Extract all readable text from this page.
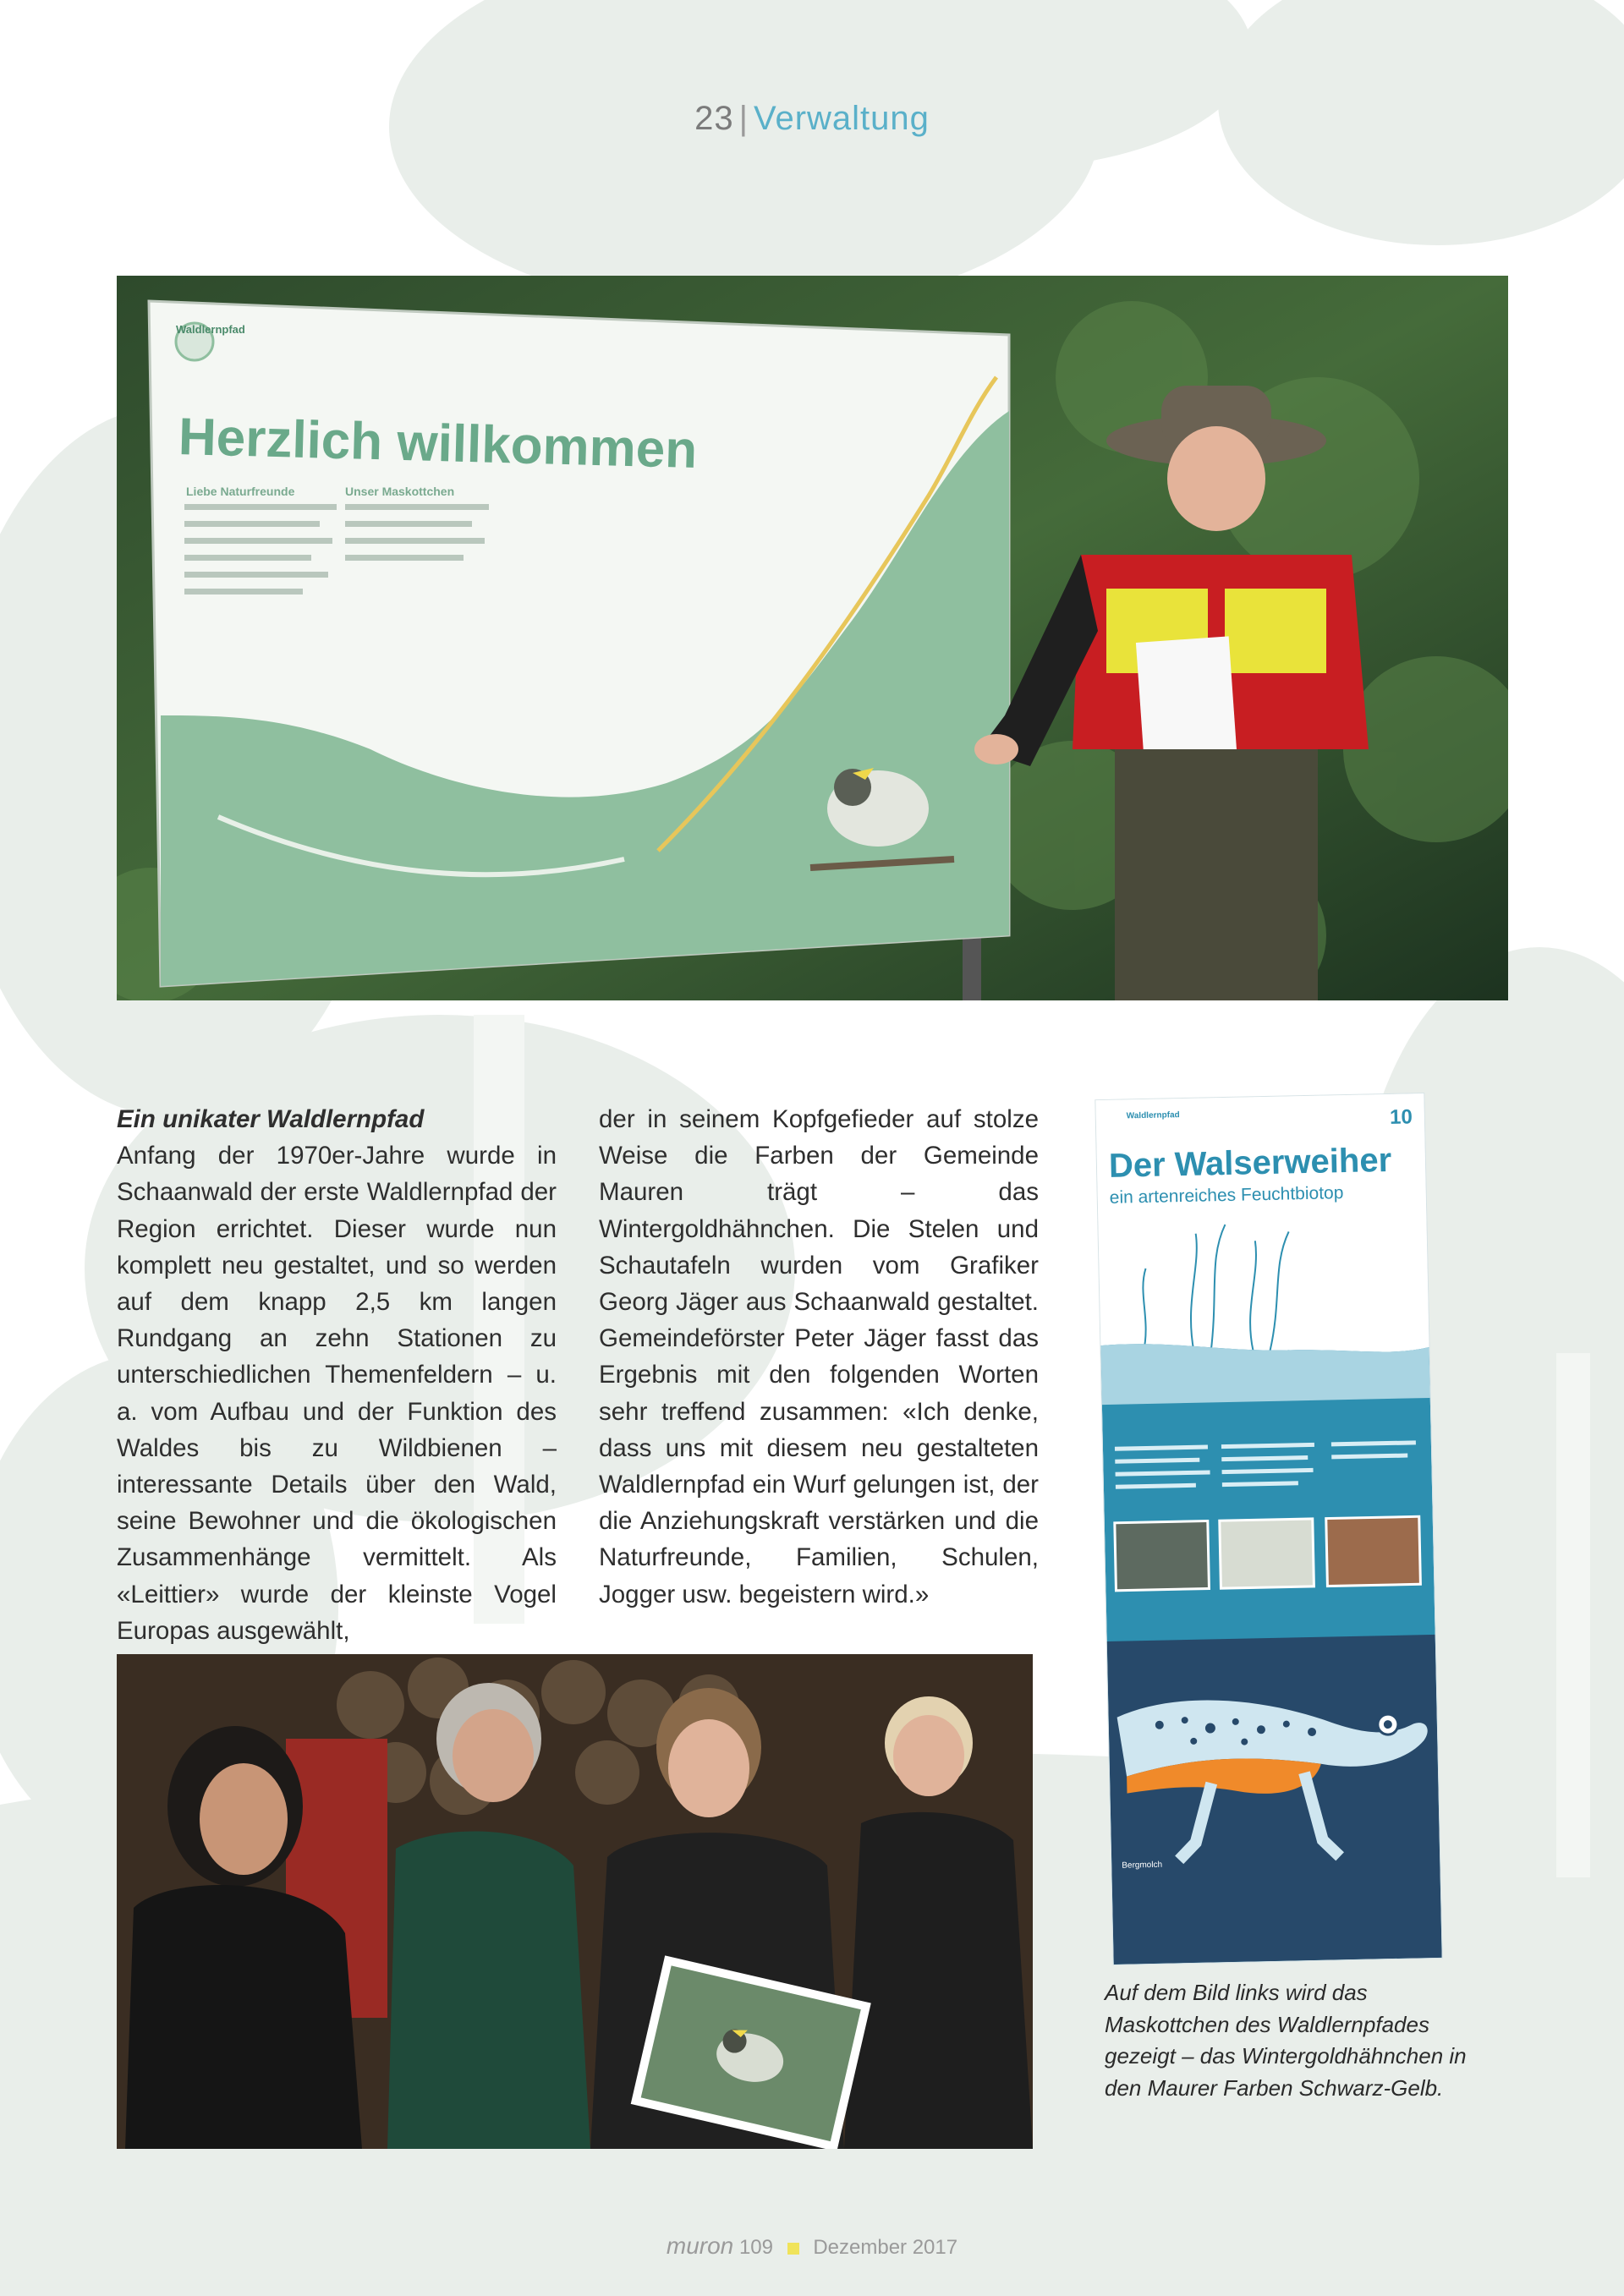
23 | Verwaltung
Waldlernpfad
Herzlich willkommen
Liebe Naturfreunde	Unser Maskottchen

Ein unikater Waldlernpfad

Anfang der 1970er-Jahre wurde in Schaanwald der erste Waldlernpfad der Region errichtet. Dieser wurde nun komplett neu gestaltet, und so werden auf dem knapp 2,5 km langen Rundgang an zehn Stationen zu unterschiedlichen Themenfeldern – u. a. vom Aufbau und der Funktion des Waldes bis zu Wildbienen – interessante Details über den Wald, seine Bewohner und die ökologischen Zusammenhänge vermittelt. Als «Leittier» wurde der kleinste Vogel Europas ausgewählt,

der in seinem Kopfgefieder auf stolze Weise die Farben der Gemeinde Mauren trägt – das Wintergoldhähnchen. Die Stelen und Schautafeln wurden vom Grafiker Georg Jäger aus Schaanwald gestaltet. Gemeindeförster Peter Jäger fasst das Ergebnis mit den folgenden Worten sehr treffend zusammen: «Ich denke, dass uns mit diesem neu gestalteten Waldlernpfad ein Wurf gelungen ist, der die Anziehungskraft verstärken und die Naturfreunde, Familien, Schulen, Jogger usw. begeistern wird.»

Waldlernpfad	10
Der Walserweiher
ein artenreiches Feuchtbiotop
Bergmolch
Auf dem Bild links wird das Maskottchen des Waldlernpfades gezeigt – das Wintergoldhähnchen in den Maurer Farben Schwarz-Gelb.
muron 109 Dezember 2017
